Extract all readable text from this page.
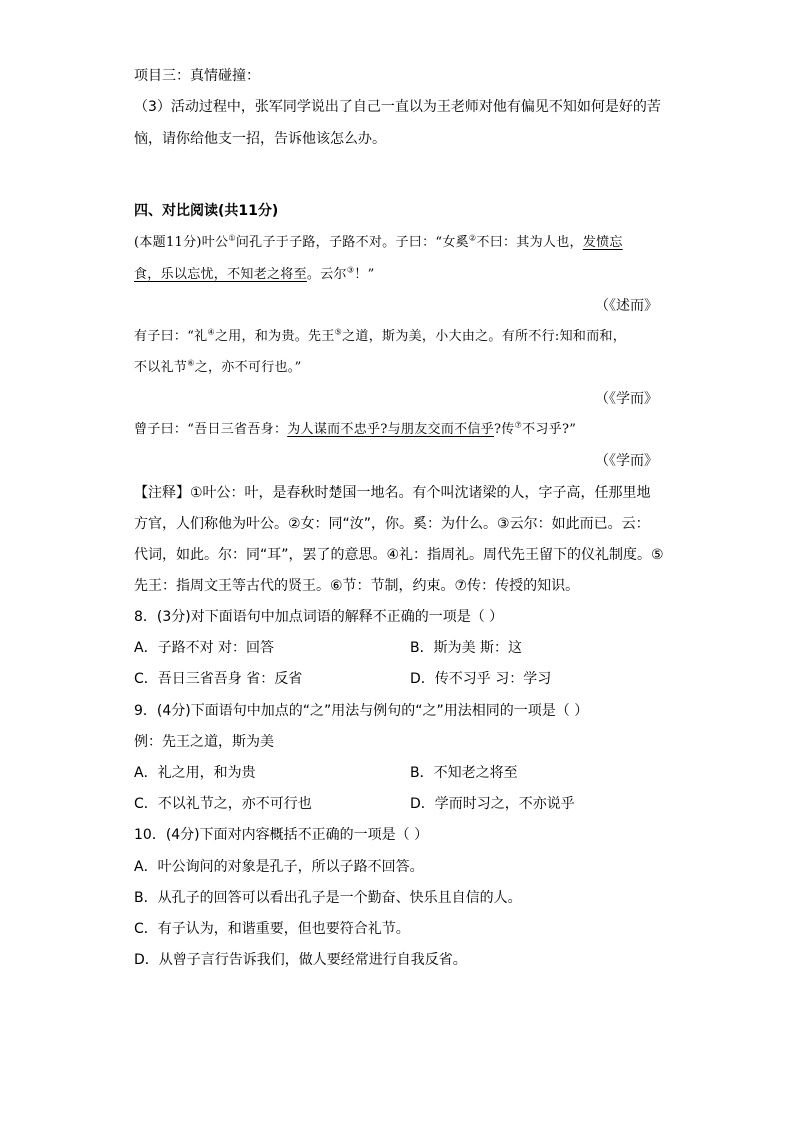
项目三：真情碰撞：
（3）活动过程中，张军同学说出了自己一直以为王老师对他有偏见不知如何是好的苦
恼，请你给他支一招，告诉他该怎么办。
四、对比阅读(共11分)
(本题11分)叶公①问孔子于子路，子路不对。子曰：“女奚②不曰：其为人也，发愤忘
食，乐以忘忧，不知老之将至。云尔③！”
（《述而》
有子曰：“礼④之用，和为贵。先王⑤之道，斯为美，小大由之。有所不行:知和而和，
不以礼节⑥之，亦不可行也。”
（《学而》
曾子曰：“吾日三省吾身：为人谋而不忠乎?与朋友交而不信乎?传⑦不习乎?”
（《学而》
【注释】①叶公：叶，是春秋时楚国一地名。有个叫沈诸梁的人，字子高，任那里地
方官，人们称他为叶公。②女：同“汝”，你。奚：为什么。③云尔：如此而已。云：
代词，如此。尔：同“耳”，罢了的意思。④礼：指周礼。周代先王留下的仪礼制度。⑤
先王：指周文王等古代的贤王。⑥节：节制，约束。⑦传：传授的知识。
8．(3分)对下面语句中加点词语的解释不正确的一项是（ ）
A．子路不对 对：回答	B．斯为美 斯：这
C．吾日三省吾身 省：反省	D．传不习乎 习：学习
9．(4分)下面语句中加点的“之”用法与例句的“之”用法相同的一项是（ ）
例：先王之道，斯为美
A．礼之用，和为贵	B．不知老之将至
C．不以礼节之，亦不可行也	D．学而时习之，不亦说乎
10．(4分)下面对内容概括不正确的一项是（ ）
A．叶公询问的对象是孔子，所以子路不回答。
B．从孔子的回答可以看出孔子是一个勤奋、快乐且自信的人。
C．有子认为，和谐重要，但也要符合礼节。
D．从曾子言行告诉我们，做人要经常进行自我反省。
